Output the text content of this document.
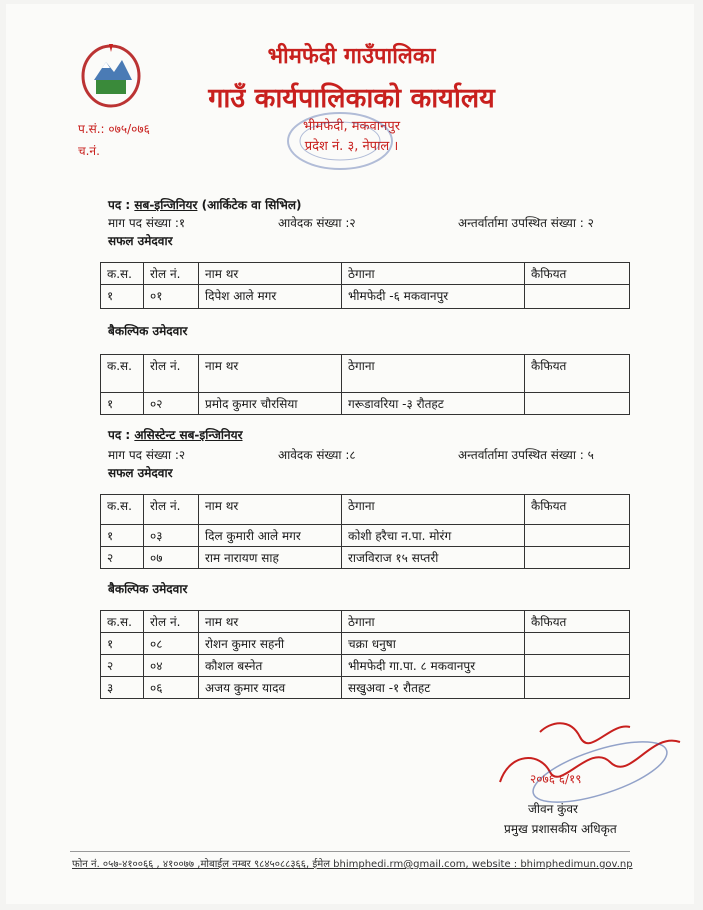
भीमफेदी गाउँपालिका
गाउँ कार्यपालिकाको कार्यालय
भीमफेदी, मकवानपुर
प्रदेश नं. ३, नेपाल ।
प.सं.: ०७५/०७६
च.नं.
पद : सब-इन्जिनियर (आर्किटेक वा सिभिल)
माग पद संख्या :१	आवेदक संख्या :२	अन्तर्वार्तामा उपस्थित संख्या : २
सफल उमेदवार
क.स.	रोल नं.	नाम थर	ठेगाना	कैफियत
१	०१	दिपेश आले मगर	भीमफेदी -६ मकवानपुर	
बैकल्पिक उमेदवार
क.स.	रोल नं.	नाम थर	ठेगाना	कैफियत
१	०२	प्रमोद कुमार चौरसिया	गरूडावरिया -३ रौतहट	
पद : असिस्टेन्ट सब-इन्जिनियर
माग पद संख्या :२	आवेदक संख्या :८	अन्तर्वार्तामा उपस्थित संख्या : ५
सफल उमेदवार
क.स.	रोल नं.	नाम थर	ठेगाना	कैफियत
१	०३	दिल कुमारी आले मगर	कोशी हरैचा न.पा. मोरंग	
२	०७	राम नारायण साह	राजविराज १५ सप्तरी	
बैकल्पिक उमेदवार
क.स.	रोल नं.	नाम थर	ठेगाना	कैफियत
१	०८	रोशन कुमार सहनी	चक्रा धनुषा	
२	०४	कौशल बस्नेत	भीमफेदी गा.पा. ८ मकवानपुर	
३	०६	अजय कुमार यादव	सखुअवा -१ रौतहट	
२०७६ ६/१९
जीवन कुंवर
प्रमुख प्रशासकीय अधिकृत
फोन नं. ०५७-४१००६६ , ४१००७७ ,मोबाईल नम्बर ९८४५०८८३६६, ईमेल bhimphedi.rm@gmail.com, website : bhimphedimun.gov.np
